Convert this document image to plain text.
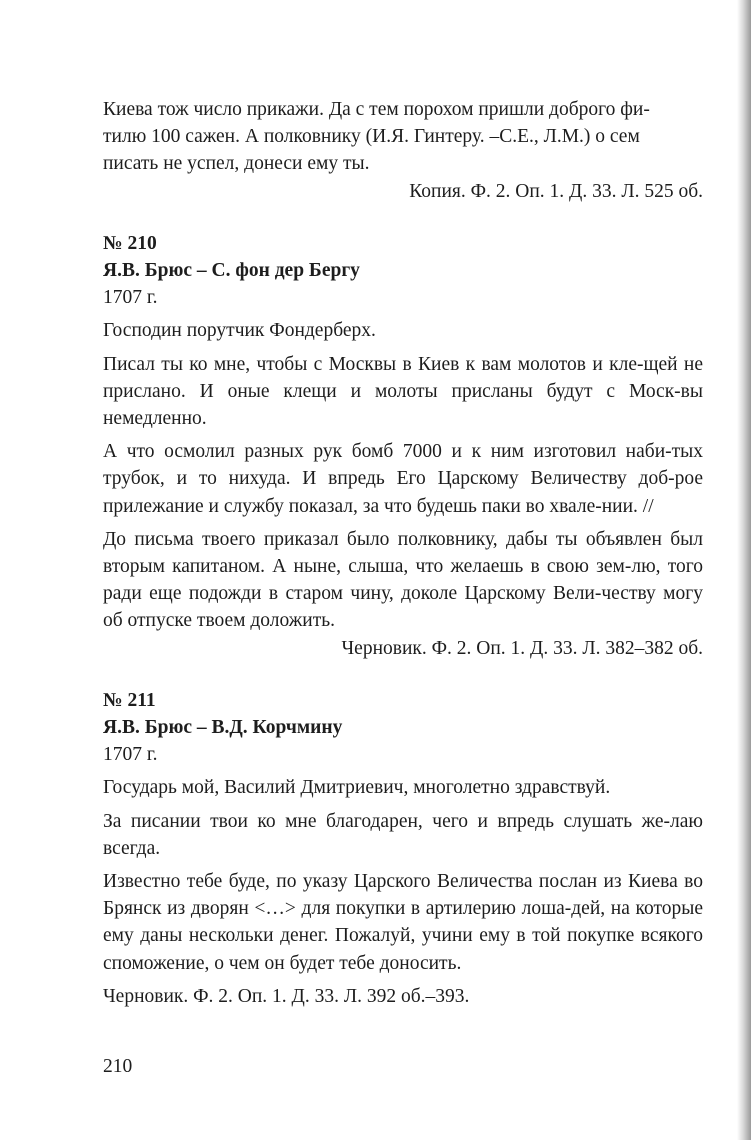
Киева тож число прикажи. Да с тем порохом пришли доброго фи-

тилю 100 сажен. А полковнику (И.Я. Гинтеру. –С.Е., Л.М.) о сем

писать не успел, донеси ему ты.

Копия. Ф. 2. Оп. 1. Д. 33. Л. 525 об.

№ 210

Я.В. Брюс – С. фон дер Бергу

1707 г.

Господин порутчик Фондерберх.

Писал ты ко мне, чтобы с Москвы в Киев к вам молотов и кле-щей не прислано. И оные клещи и молоты присланы будут с Моск-вы немедленно.

А что осмолил разных рук бомб 7000 и к ним изготовил наби-тых трубок, и то нихуда. И впредь Его Царскому Величеству доб-рое прилежание и службу показал, за что будешь паки во хвале-нии. //

До письма твоего приказал было полковнику, дабы ты объявлен был вторым капитаном. А ныне, слыша, что желаешь в свою зем-лю, того ради еще подожди в старом чину, доколе Царскому Вели-честву могу об отпуске твоем доложить.

Черновик. Ф. 2. Оп. 1. Д. 33. Л. 382–382 об.

№ 211

Я.В. Брюс – В.Д. Корчмину

1707 г.

Государь мой, Василий Дмитриевич, многолетно здравствуй.

За писании твои ко мне благодарен, чего и впредь слушать же-лаю всегда.

Известно тебе буде, по указу Царского Величества послан из Киева во Брянск из дворян <…> для покупки в артилерию лоша-дей, на которые ему даны нескольки денег. Пожалуй, учини ему в той покупке всякого споможение, о чем он будет тебе доносить.

Черновик. Ф. 2. Оп. 1. Д. 33. Л. 392 об.–393.

210
